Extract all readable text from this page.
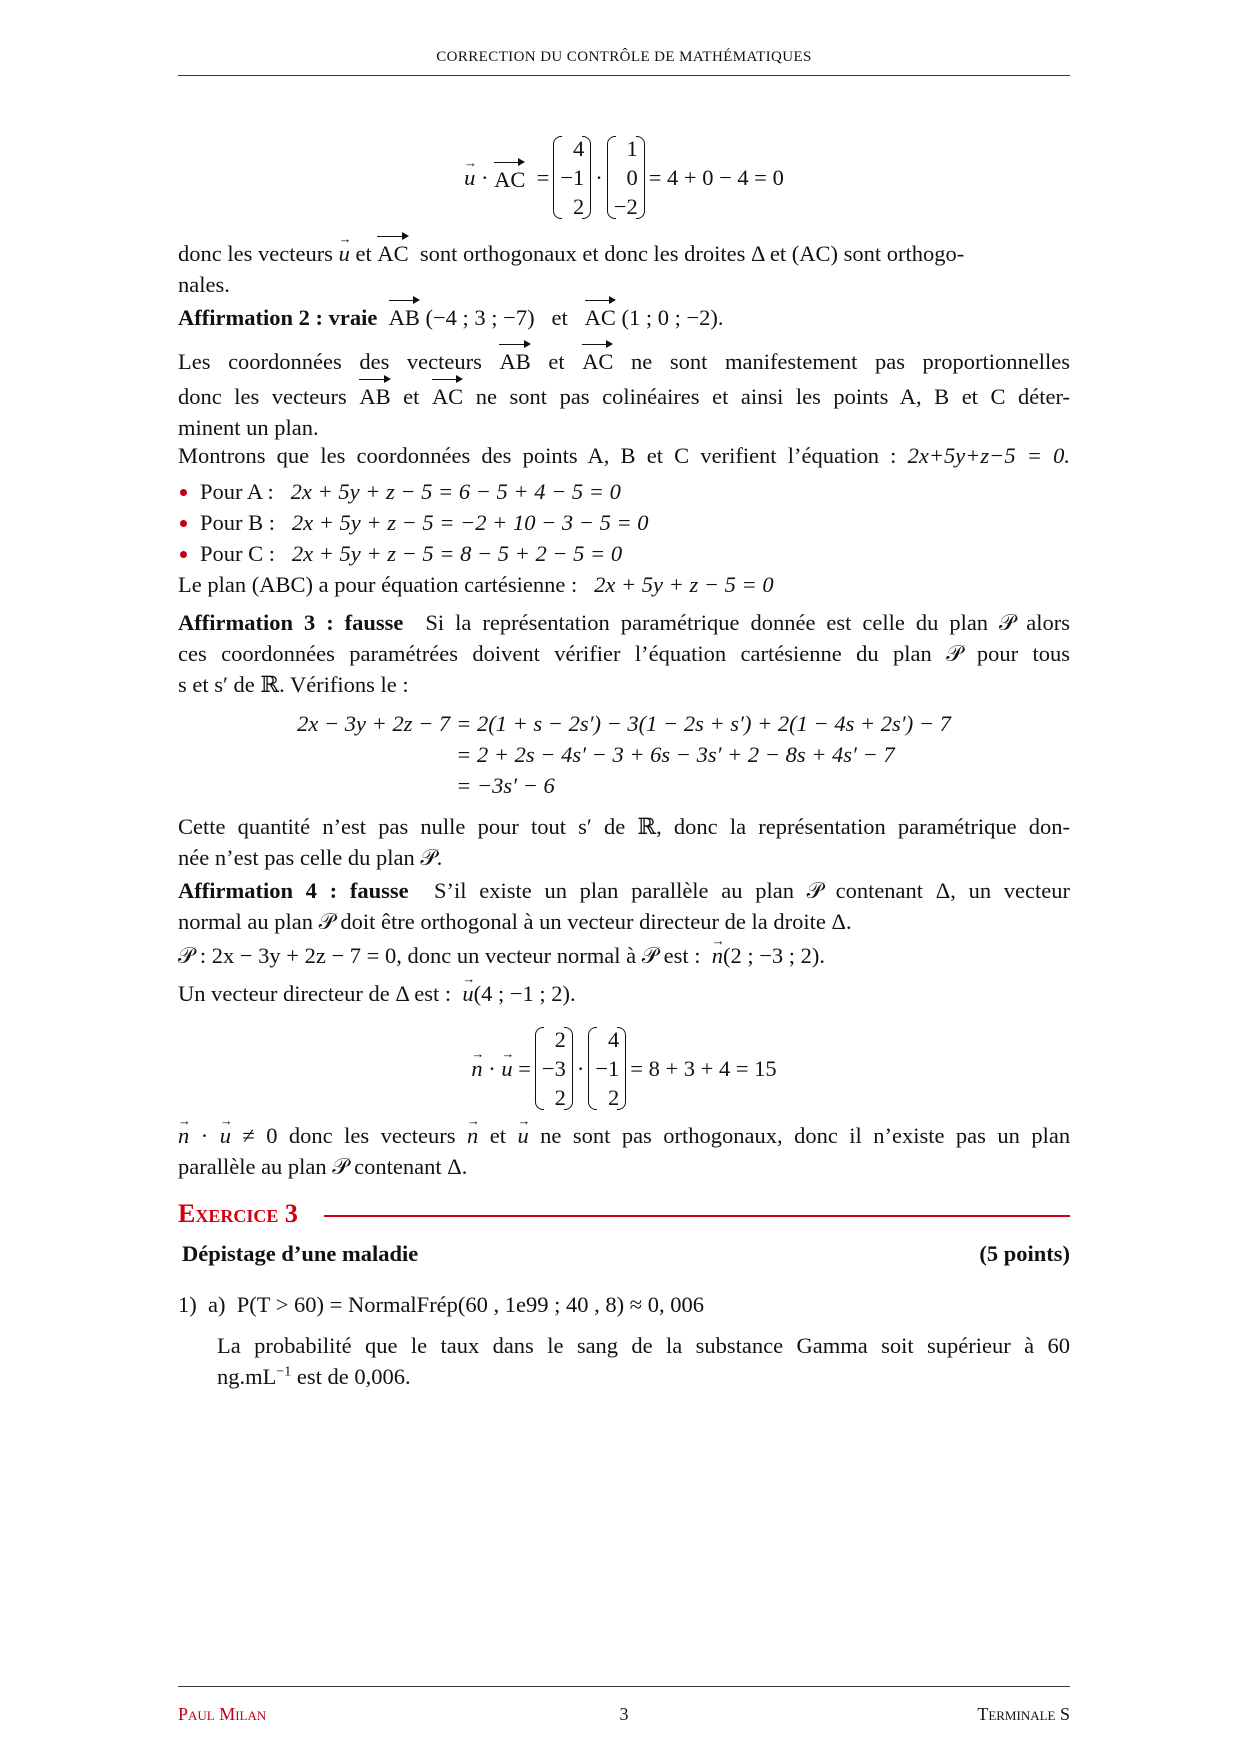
CORRECTION DU CONTRÔLE DE MATHÉMATIQUES
u →
·
AC
=
4
−1
2
·
1
0
−2
= 4 + 0 − 4 = 0
donc les vecteurs u → et AC sont orthogonaux et donc les droites Δ et (AC) sont orthogo-
nales.
Affirmation 2 : vraie AB (−4 ; 3 ; −7) et AC (1 ; 0 ; −2).
Les coordonnées des vecteurs AB et AC ne sont manifestement pas proportionnelles
donc les vecteurs AB et AC ne sont pas colinéaires et ainsi les points A, B et C déter-
minent un plan.
Montrons que les coordonnées des points A, B et C verifient l’équation : 2x+5y+z−5 = 0.
Pour A : 2x + 5y + z − 5 = 6 − 5 + 4 − 5 = 0
Pour B : 2x + 5y + z − 5 = −2 + 10 − 3 − 5 = 0
Pour C : 2x + 5y + z − 5 = 8 − 5 + 2 − 5 = 0
Le plan (ABC) a pour équation cartésienne : 2x + 5y + z − 5 = 0
Affirmation 3 : fausse Si la représentation paramétrique donnée est celle du plan 𝒫 alors
ces coordonnées paramétrées doivent vérifier l’équation cartésienne du plan 𝒫 pour tous
s et s′ de ℝ. Vérifions le :
2x − 3y + 2z − 7 = 2(1 + s − 2s′) − 3(1 − 2s + s′) + 2(1 − 4s + 2s′) − 7
= 2 + 2s − 4s′ − 3 + 6s − 3s′ + 2 − 8s + 4s′ − 7
= −3s′ − 6
Cette quantité n’est pas nulle pour tout s′ de ℝ, donc la représentation paramétrique don-
née n’est pas celle du plan 𝒫.
Affirmation 4 : fausse S’il existe un plan parallèle au plan 𝒫 contenant Δ, un vecteur
normal au plan 𝒫 doit être orthogonal à un vecteur directeur de la droite Δ.
𝒫 : 2x − 3y + 2z − 7 = 0, donc un vecteur normal à 𝒫 est : n →(2 ; −3 ; 2).
Un vecteur directeur de Δ est : u →(4 ; −1 ; 2).
n →
·
u →
=
2
−3
2
·
4
−1
2
= 8 + 3 + 4 = 15
n → · u → ≠ 0 donc les vecteurs n → et u → ne sont pas orthogonaux, donc il n’existe pas un plan
parallèle au plan 𝒫 contenant Δ.
Exercice 3
Dépistage d’une maladie	(5 points)
1) a) P(T > 60) = NormalFrép(60 , 1e99 ; 40 , 8) ≈ 0, 006
La probabilité que le taux dans le sang de la substance Gamma soit supérieur à 60
$ng.mL^{-1}$ est de 0,006.
Paul Milan	3	Terminale S
